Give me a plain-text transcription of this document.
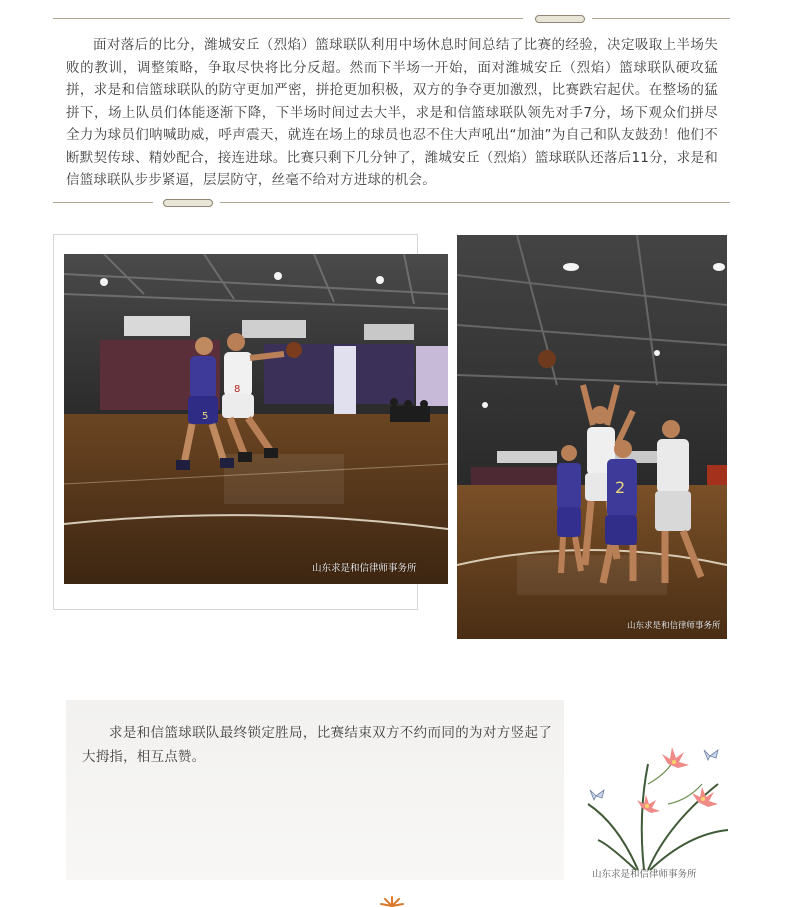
面对落后的比分，潍城安丘（烈焰）篮球联队利用中场休息时间总结了比赛的经验，决定吸取上半场失败的教训，调整策略，争取尽快将比分反超。然而下半场一开始，面对潍城安丘（烈焰）篮球联队硬攻猛拼，求是和信篮球联队的防守更加严密，拼抢更加积极，双方的争夺更加激烈，比赛跌宕起伏。在整场的猛拼下，场上队员们体能逐渐下降，下半场时间过去大半，求是和信篮球联队领先对手7分，场下观众们拼尽全力为球员们呐喊助威，呼声震天，就连在场上的球员也忍不住大声吼出“加油”为自己和队友鼓劲！他们不断默契传球、精妙配合，接连进球。比赛只剩下几分钟了，潍城安丘（烈焰）篮球联队还落后11分，求是和信篮球联队步步紧逼，层层防守，丝毫不给对方进球的机会。

5
8
山东求是和信律师事务所
2
山东求是和信律师事务所

求是和信篮球联队最终锁定胜局，比赛结束双方不约而同的为对方竖起了大拇指，相互点赞。

山东求是和信律师事务所
